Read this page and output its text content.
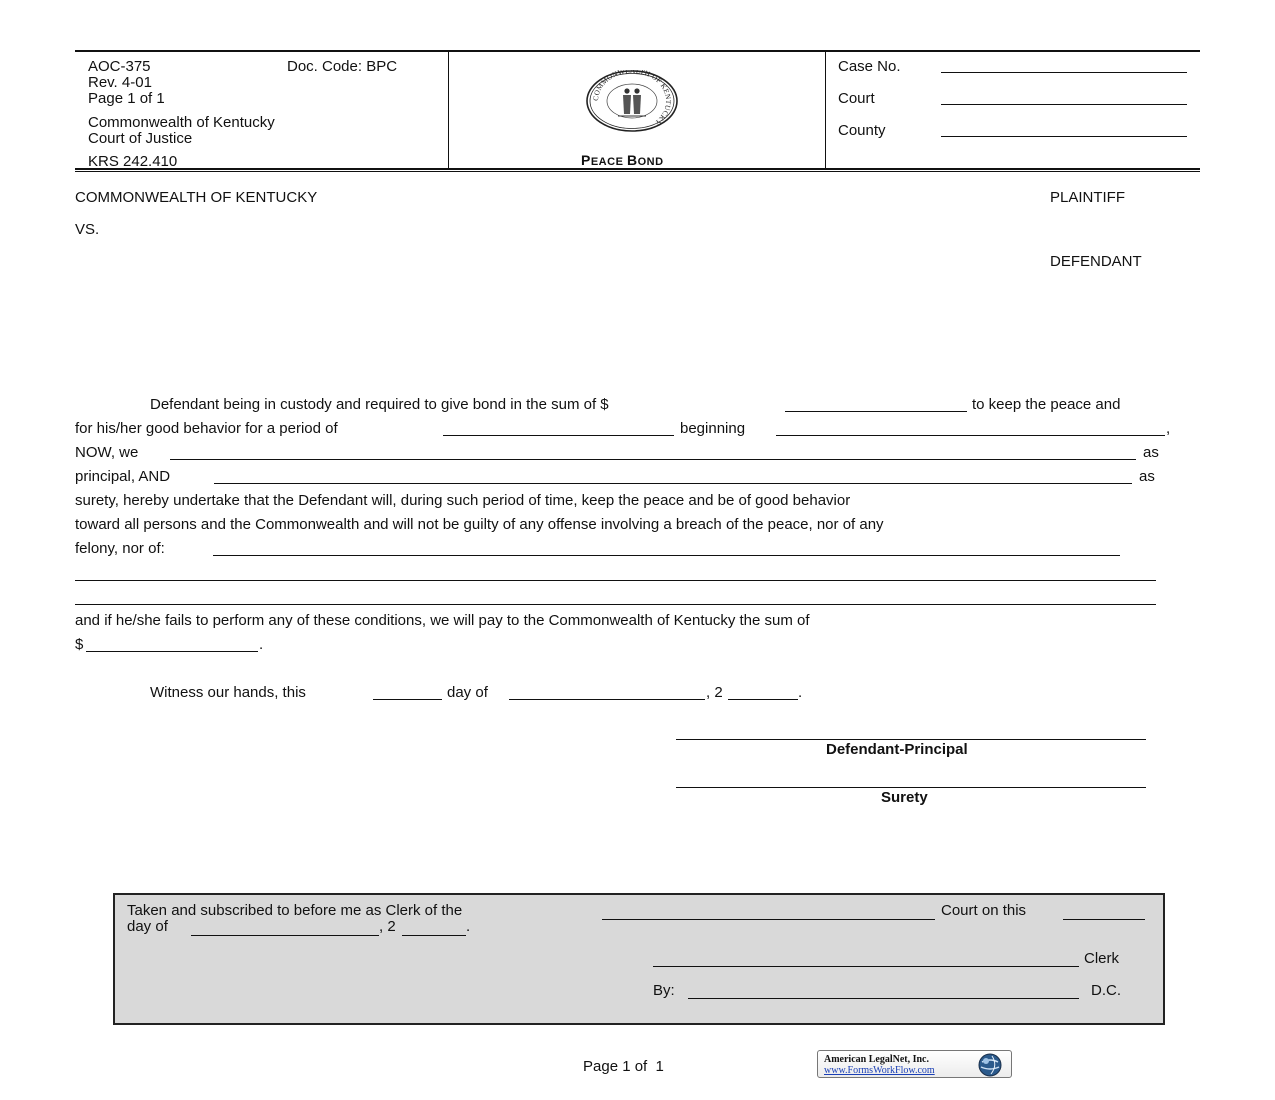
AOC-375	Doc. Code: BPC
Rev. 4-01
Page 1 of 1
Commonwealth of Kentucky
Court of Justice
KRS 242.410
COMMONWEALTH OF KENTUCKY
PEACE BOND
Case No.
Court
County
COMMONWEALTH OF KENTUCKY	PLAINTIFF
VS.
DEFENDANT
Defendant being in custody and required to give bond in the sum of $	to keep the peace and
for his/her good behavior for a period of	beginning	,
NOW, we	as
principal, AND	as
surety, hereby undertake that the Defendant will, during such period of time, keep the peace and be of good behavior
toward all persons and the Commonwealth and will not be guilty of any offense involving a breach of the peace, nor of any
felony, nor of:
and if he/she fails to perform any of these conditions, we will pay to the Commonwealth of Kentucky the sum of
$	.
Witness our hands, this	day of	, 2	.
Defendant-Principal
Surety
Taken and subscribed to before me as Clerk of the	Court on this
day of	, 2	.
Clerk
By:	D.C.
Page 1 of  1	American LegalNet, Inc.
www.FormsWorkFlow.com
